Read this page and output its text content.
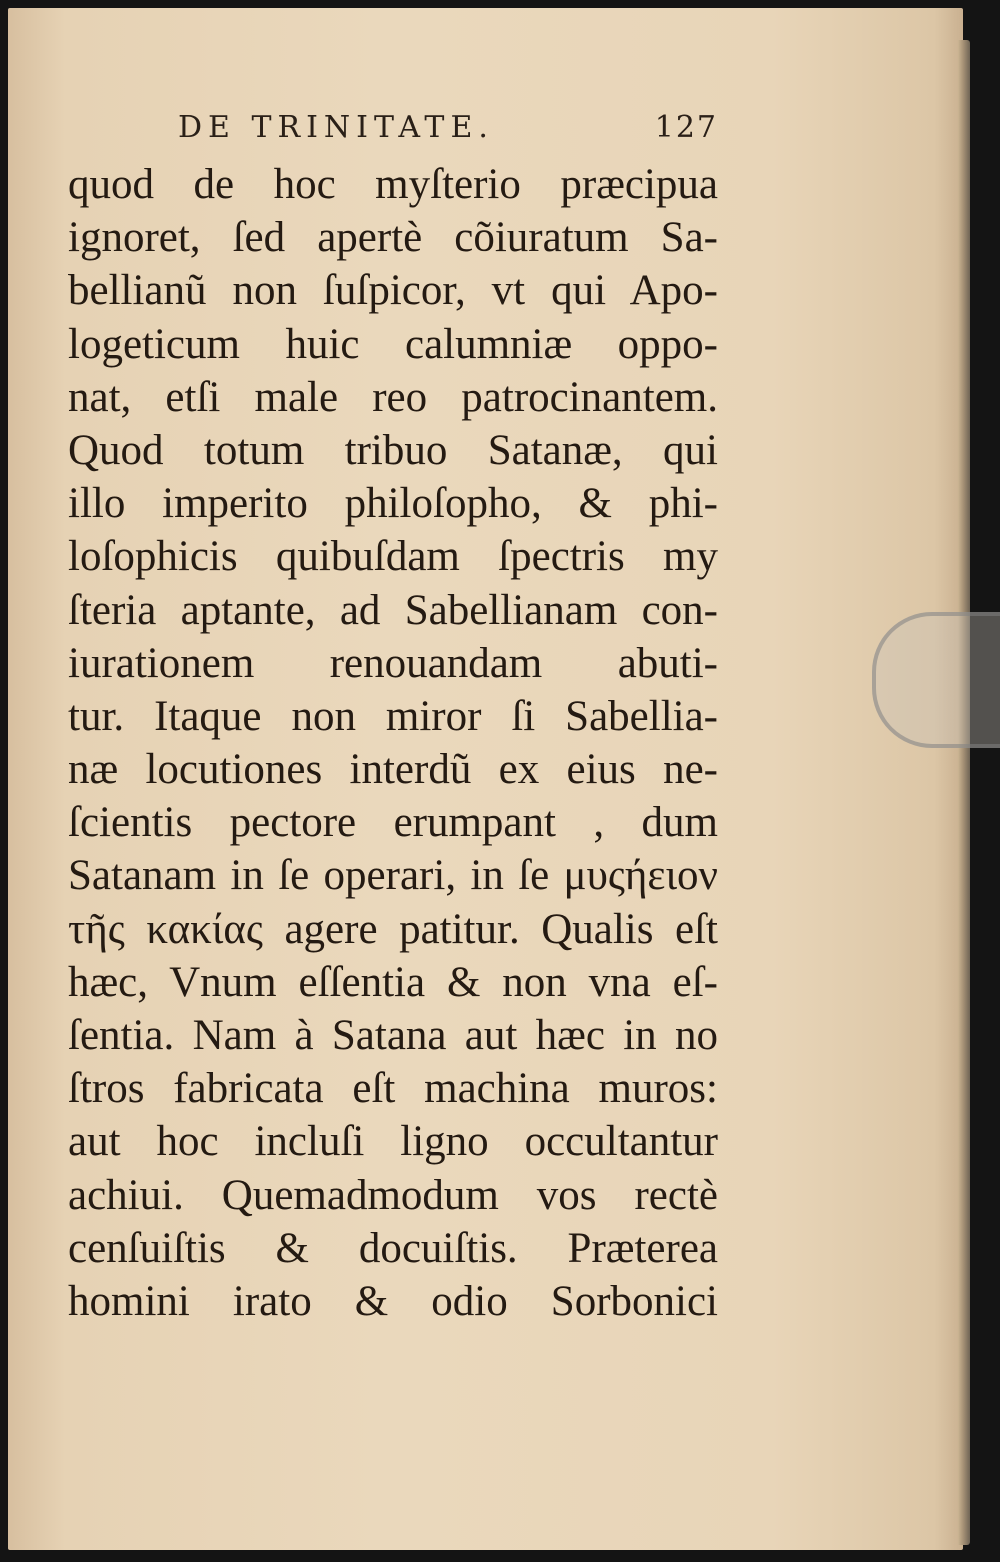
DE TRINITATE.	127
quod de hoc myſterio præcipua
ignoret, ſed apertè cõiuratum Sa-
bellianũ non ſuſpicor, vt qui Apo-
logeticum huic calumniæ oppo-
nat, etſi male reo patrocinantem.
Quod totum tribuo Satanæ, qui
illo imperito philoſopho, & phi-
loſophicis quibuſdam ſpectris my
ſteria aptante, ad Sabellianam con-
iurationem renouandam abuti-
tur. Itaque non miror ſi Sabellia-
næ locutiones interdũ ex eius ne-
ſcientis pectore erumpant , dum
Satanam in ſe operari, in ſe μυςήειον
τῆς κακίας agere patitur. Qualis eſt
hæc, Vnum eſſentia & non vna eſ-
ſentia. Nam à Satana aut hæc in no
ſtros fabricata eſt machina muros:
aut hoc incluſi ligno occultantur
achiui. Quemadmodum vos rectè
cenſuiſtis & docuiſtis. Præterea
homini irato & odio Sorbonici
